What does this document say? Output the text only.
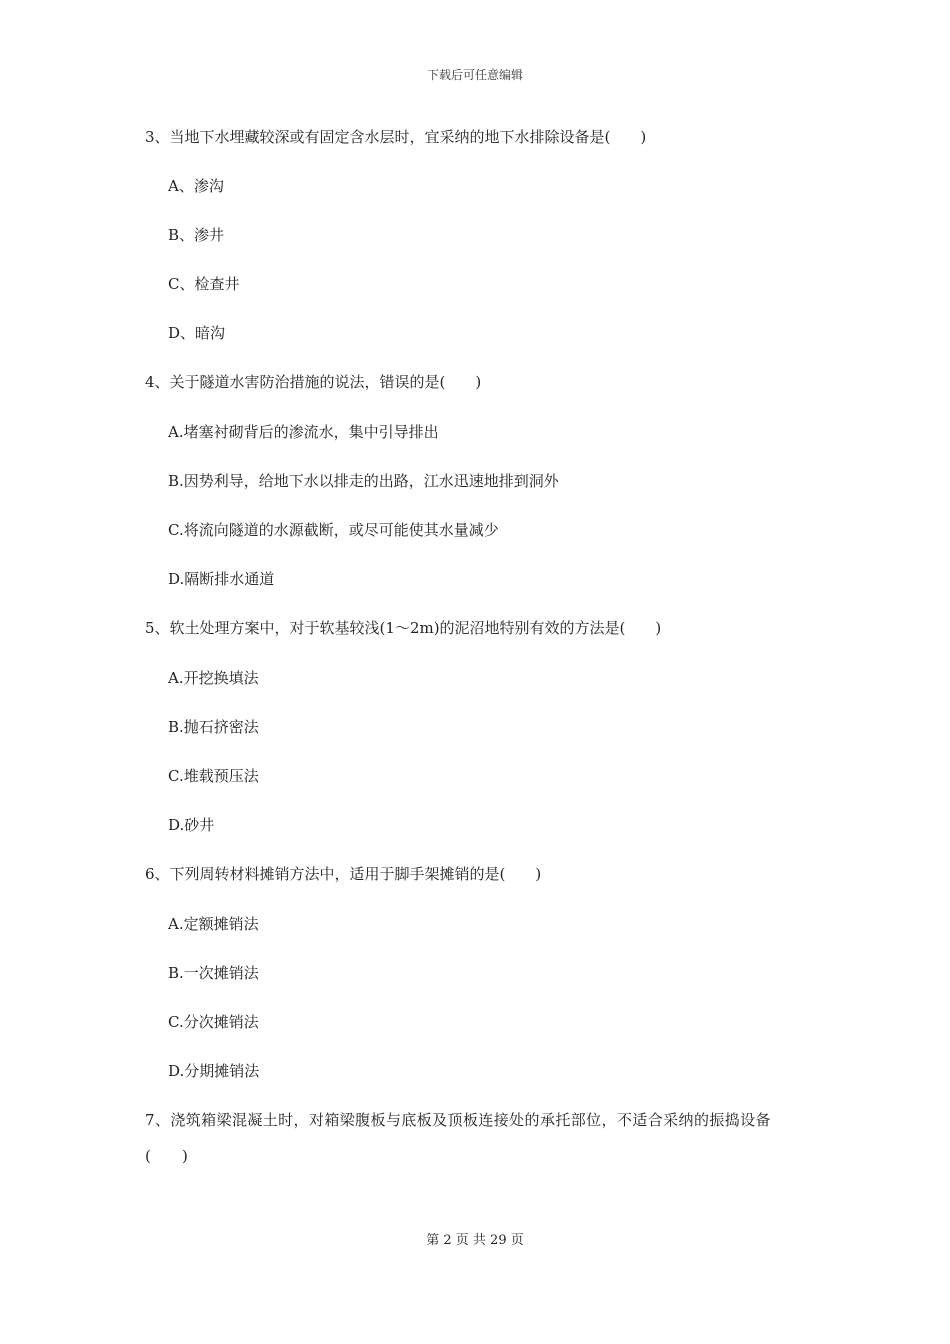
下载后可任意编辑
3、当地下水埋藏较深或有固定含水层时，宜采纳的地下水排除设备是(　　)
A、渗沟
B、渗井
C、检查井
D、暗沟
4、关于隧道水害防治措施的说法，错误的是(　　)
A.堵塞衬砌背后的渗流水，集中引导排出
B.因势利导，给地下水以排走的出路，江水迅速地排到洞外
C.将流向隧道的水源截断，或尽可能使其水量减少
D.隔断排水通道
5、软土处理方案中，对于软基较浅(1～2m)的泥沼地特别有效的方法是(　　)
A.开挖换填法
B.抛石挤密法
C.堆载预压法
D.砂井
6、下列周转材料摊销方法中，适用于脚手架摊销的是(　　)
A.定额摊销法
B.一次摊销法
C.分次摊销法
D.分期摊销法
7、浇筑箱梁混凝土时，对箱梁腹板与底板及顶板连接处的承托部位，不适合采纳的振捣设备(　　)
第 2 页 共 29 页
